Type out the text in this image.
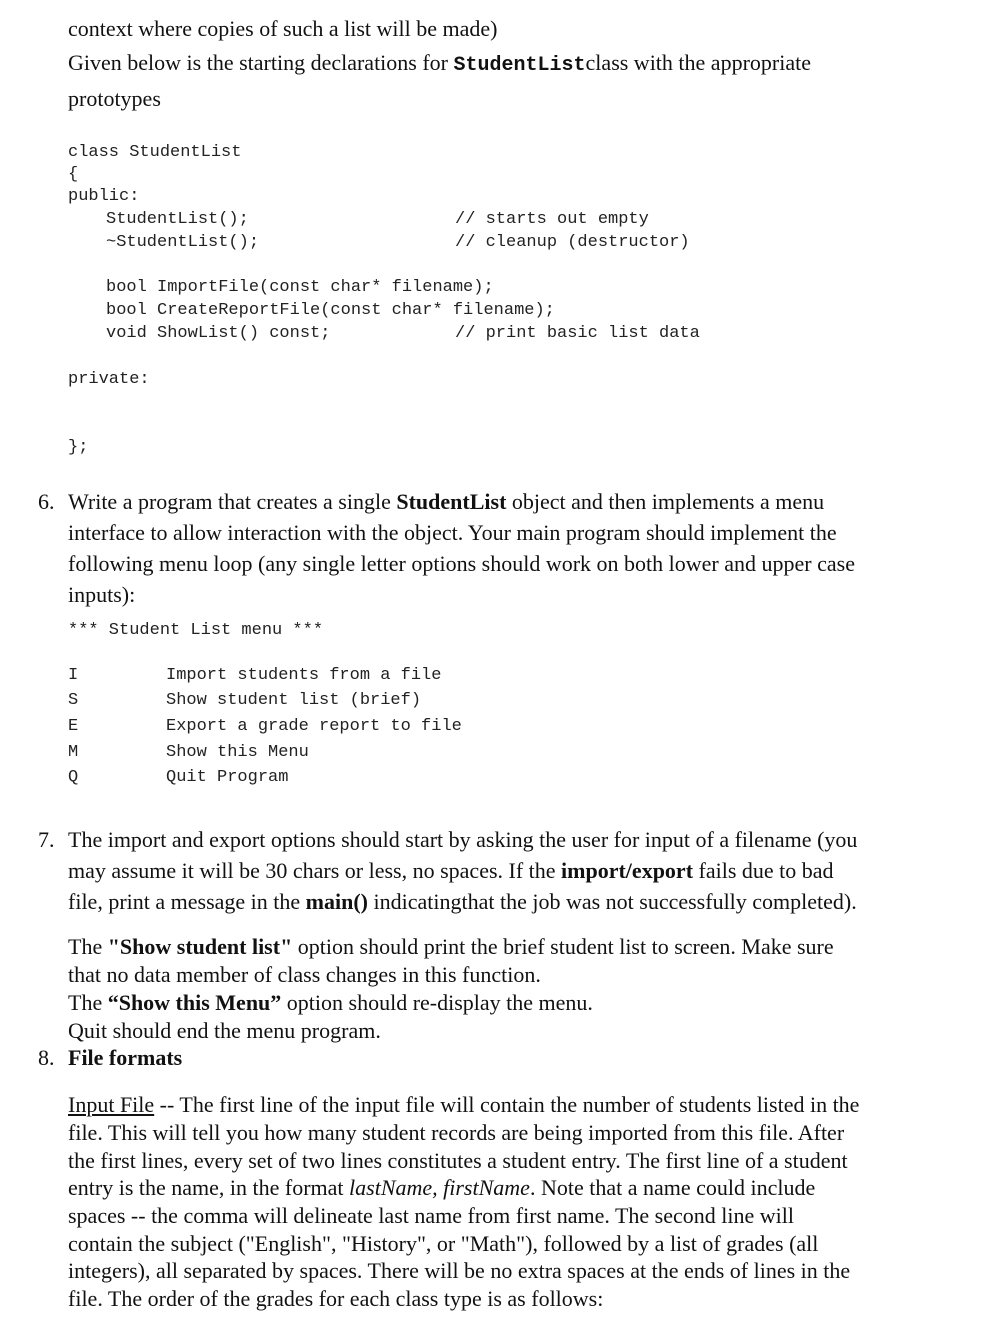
context where copies of such a list will be made)
Given below is the starting declarations for StudentListclass with the appropriate
prototypes
class StudentList
{
public:
StudentList();	// starts out empty
~StudentList();	// cleanup (destructor)
bool ImportFile(const char* filename);
bool CreateReportFile(const char* filename);
void ShowList() const;	// print basic list data
private:
};
6. Write a program that creates a single StudentList object and then implements a menu
interface to allow interaction with the object. Your main program should implement the
following menu loop (any single letter options should work on both lower and upper case
inputs):
*** Student List menu ***
I	Import students from a file
S	Show student list (brief)
E	Export a grade report to file
M	Show this Menu
Q	Quit Program
7. The import and export options should start by asking the user for input of a filename (you
may assume it will be 30 chars or less, no spaces. If the import/export fails due to bad
file, print a message in the main() indicatingthat the job was not successfully completed).
The "Show student list" option should print the brief student list to screen. Make sure
that no data member of class changes in this function.
The “Show this Menu” option should re-display the menu.
Quit should end the menu program.
8. File formats
Input File -- The first line of the input file will contain the number of students listed in the
file. This will tell you how many student records are being imported from this file. After
the first lines, every set of two lines constitutes a student entry. The first line of a student
entry is the name, in the format lastName, firstName. Note that a name could include
spaces -- the comma will delineate last name from first name. The second line will
contain the subject ("English", "History", or "Math"), followed by a list of grades (all
integers), all separated by spaces. There will be no extra spaces at the ends of lines in the
file. The order of the grades for each class type is as follows:
